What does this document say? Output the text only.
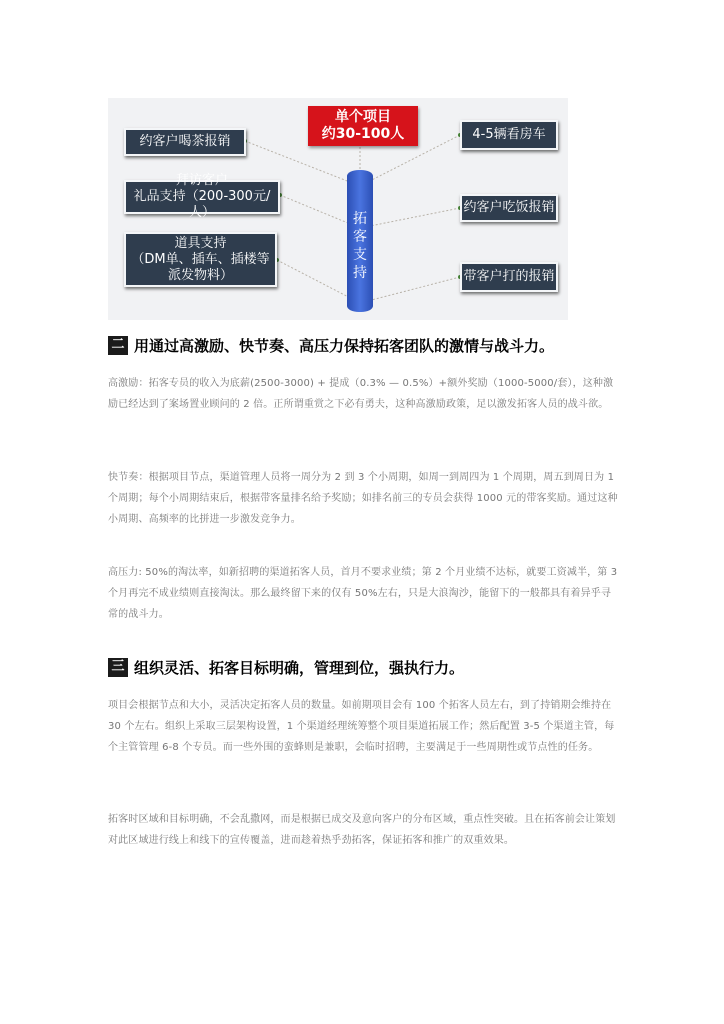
单个项目
约30-100人
拓
客
支
持
约客户喝茶报销
拜访客户
礼品支持（200-300元/人）
道具支持
（DM单、插车、插楼等
派发物料）
4-5辆看房车
约客户吃饭报销
带客户打的报销
二 用通过高激励、快节奏、高压力保持拓客团队的激情与战斗力。

高激励：拓客专员的收入为底薪(2500-3000) + 提成（0.3% — 0.5%）+额外奖励（1000-5000/套），这种激励已经达到了案场置业顾问的 2 倍。正所谓重赏之下必有勇夫，这种高激励政策，足以激发拓客人员的战斗欲。

快节奏：根据项目节点，渠道管理人员将一周分为 2 到 3 个小周期，如周一到周四为 1 个周期，周五到周日为 1 个周期；每个小周期结束后，根据带客量排名给予奖励；如排名前三的专员会获得 1000 元的带客奖励。通过这种小周期、高频率的比拼进一步激发竞争力。

高压力: 50%的淘汰率，如新招聘的渠道拓客人员，首月不要求业绩；第 2 个月业绩不达标，就要工资减半，第 3 个月再完不成业绩则直接淘汰。那么最终留下来的仅有 50%左右，只是大浪淘沙，能留下的一般都具有着异乎寻常的战斗力。

三 组织灵活、拓客目标明确，管理到位，强执行力。

项目会根据节点和大小，灵活决定拓客人员的数量。如前期项目会有 100 个拓客人员左右，到了持销期会维持在 30 个左右。组织上采取三层架构设置，1 个渠道经理统筹整个项目渠道拓展工作；然后配置 3-5 个渠道主管，每个主管管理 6-8 个专员。而一些外围的蛮蜂则是兼职，会临时招聘，主要满足于一些周期性或节点性的任务。

拓客时区域和目标明确，不会乱撒网，而是根据已成交及意向客户的分布区域，重点性突破。且在拓客前会让策划对此区域进行线上和线下的宣传覆盖，进而趁着热乎劲拓客，保证拓客和推广的双重效果。
